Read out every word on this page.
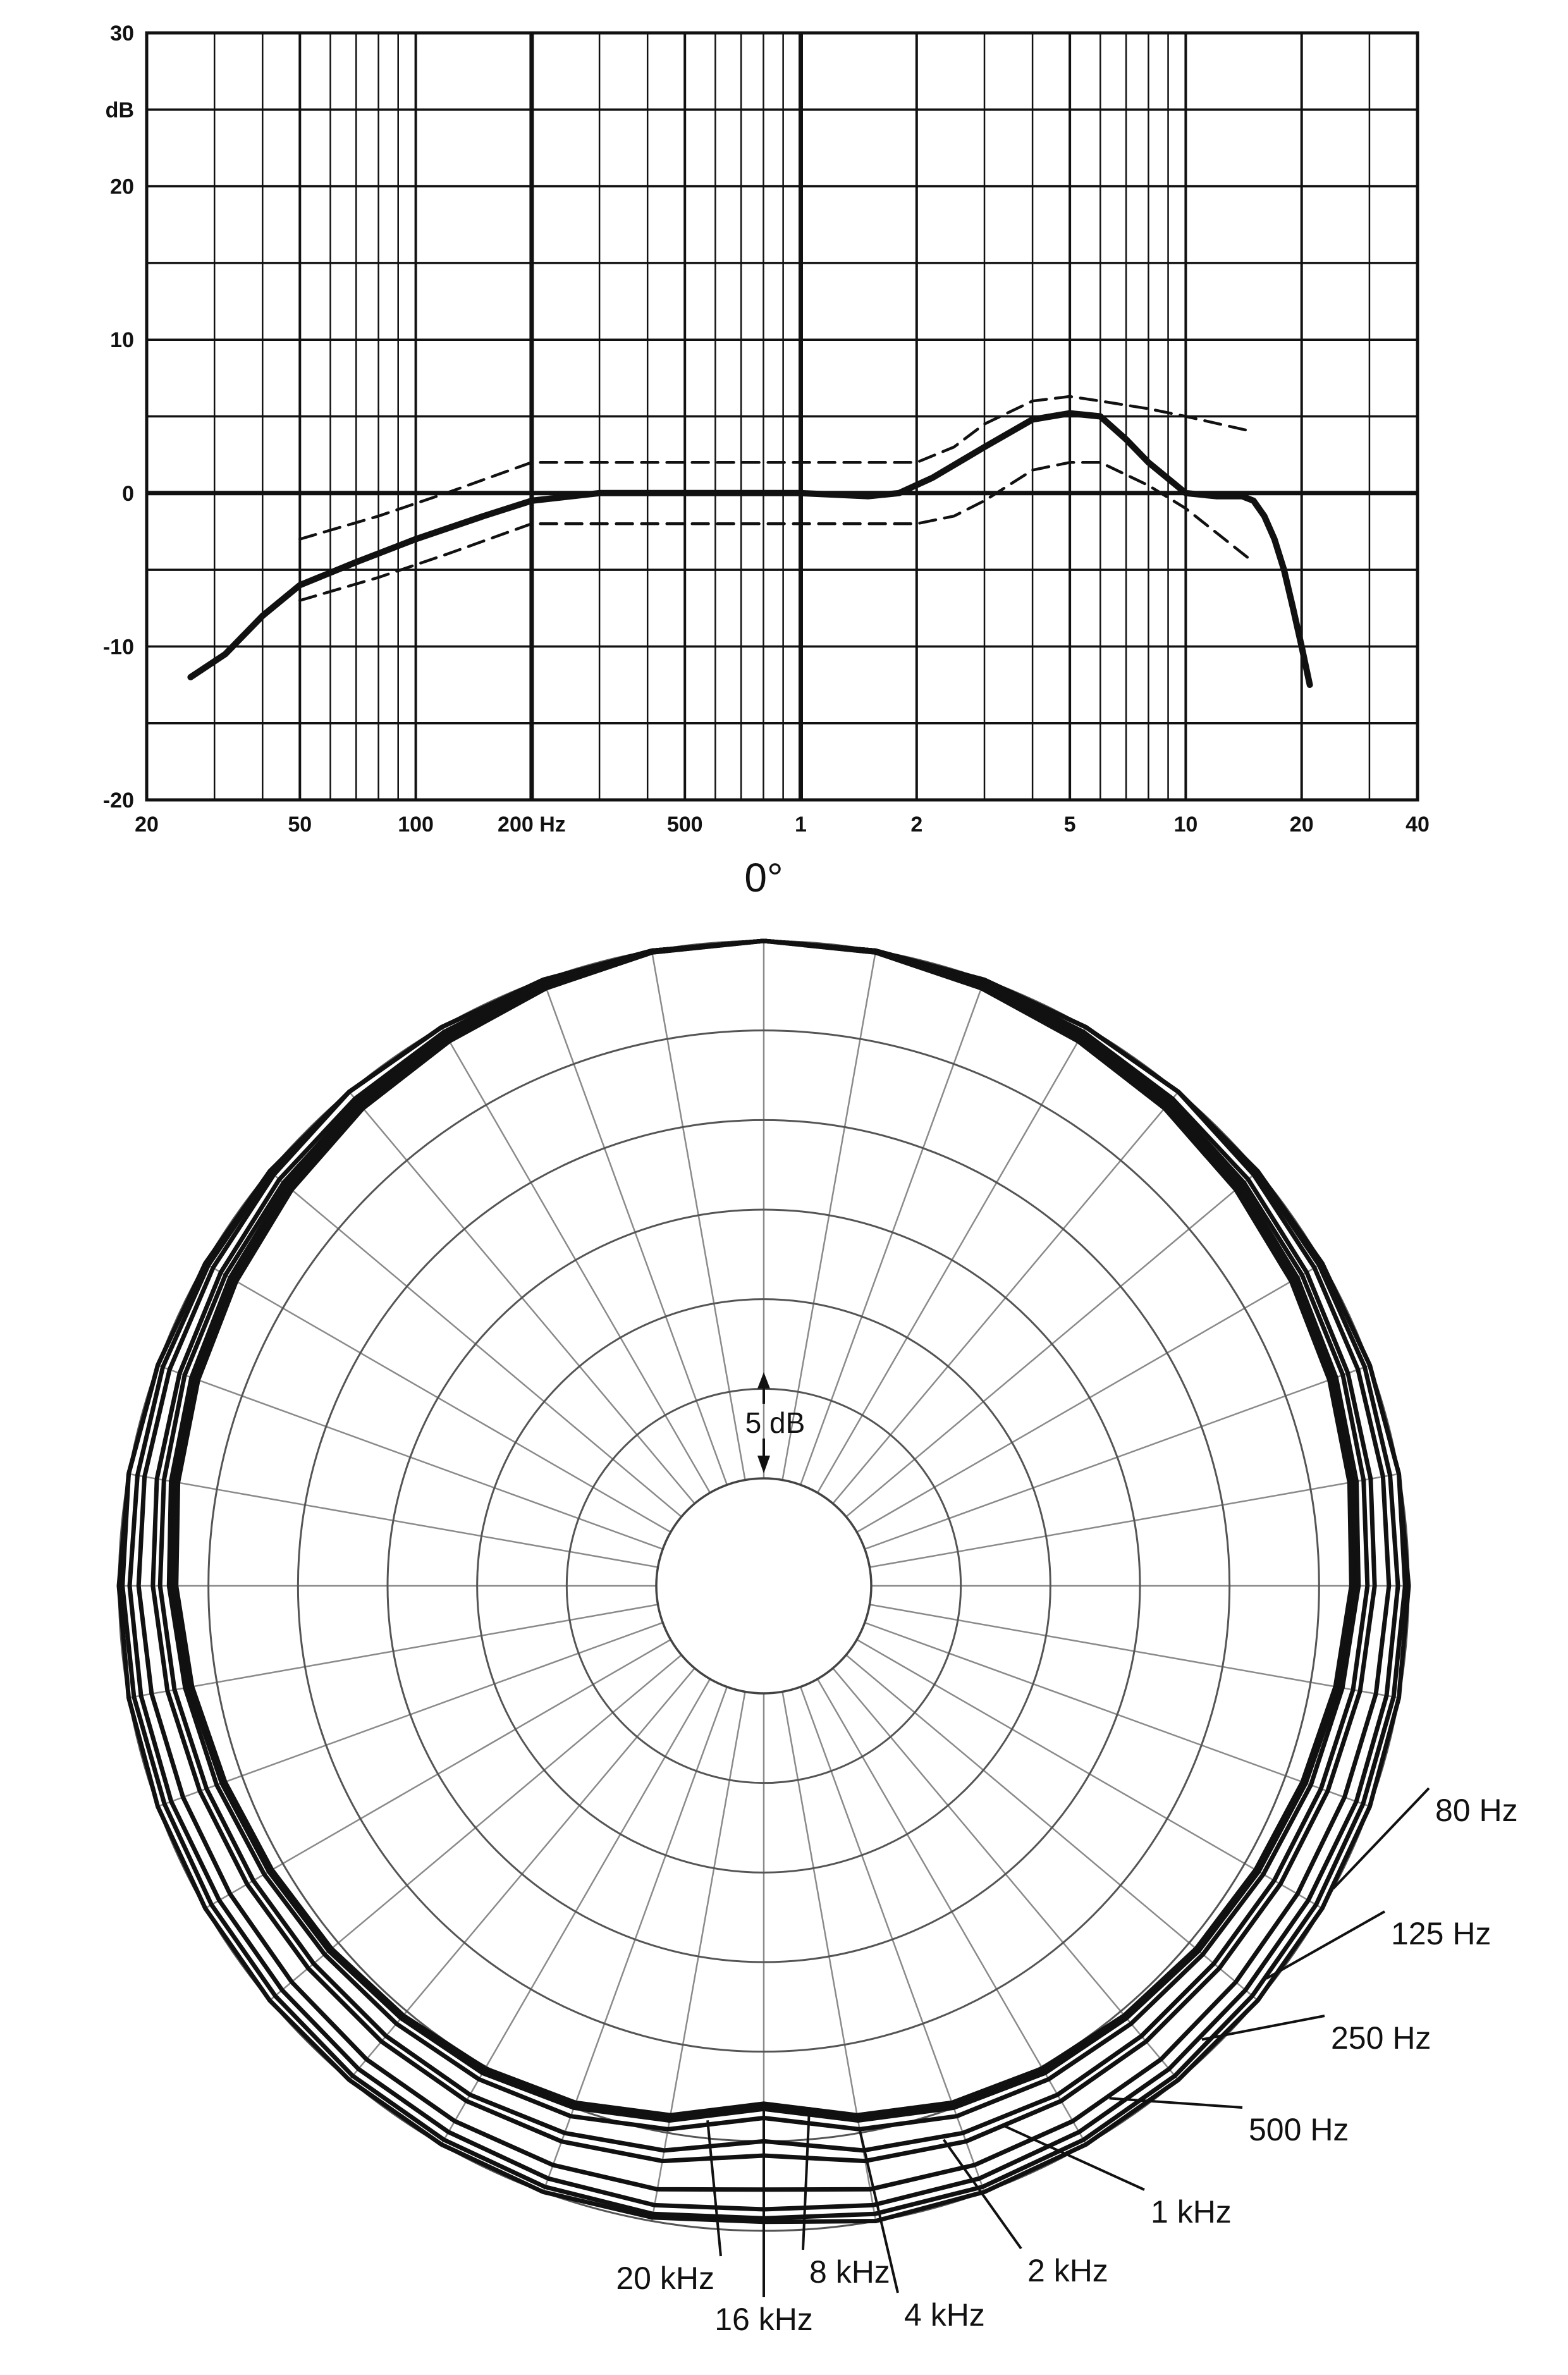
20	50	100	200 Hz	500	1	2	5	10	20	40
30
dB
20
10
0
-10
-20
0°
5 dB
80 Hz
125 Hz
250 Hz
500 Hz
1 kHz
2 kHz
4 kHz
8 kHz
16 kHz
20 kHz
